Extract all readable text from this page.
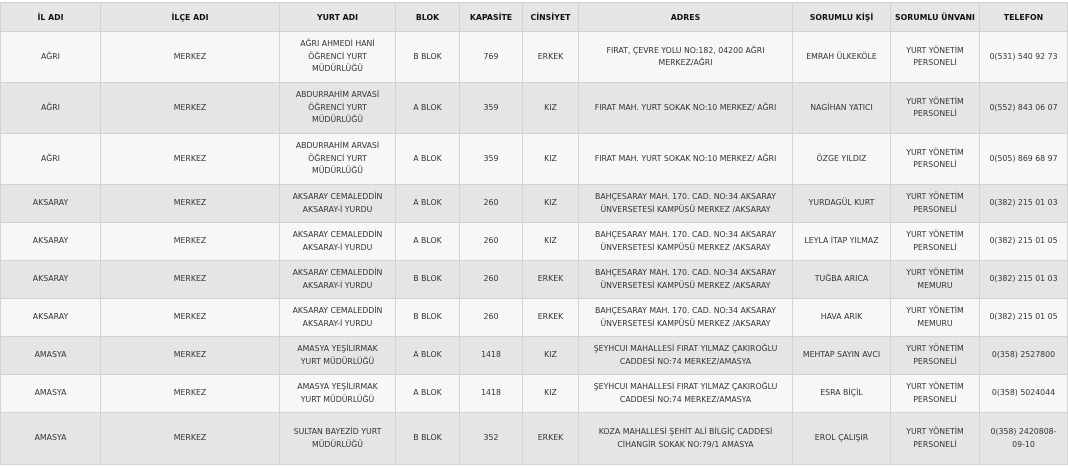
İL ADI	İLÇE ADI	YURT ADI	BLOK	KAPASİTE	CİNSİYET	ADRES	SORUMLU KİŞİ	SORUMLU ÜNVANI	TELEFON
AĞRI	MERKEZ	AĞRI AHMEDİ HANİ ÖĞRENCİ YURT MÜDÜRLÜĞÜ	B BLOK	769	ERKEK	FIRAT, ÇEVRE YOLU NO:182, 04200 AĞRI MERKEZ/AĞRI	EMRAH ÜLKEKÖLE	YURT YÖNETİM PERSONELİ	0(531) 540 92 73
AĞRI	MERKEZ	ABDURRAHİM ARVASİ ÖĞRENCİ YURT MÜDÜRLÜĞÜ	A BLOK	359	KIZ	FIRAT MAH. YURT SOKAK NO:10 MERKEZ/ AĞRI	NAGİHAN YATICI	YURT YÖNETİM PERSONELİ	0(552) 843 06 07
AĞRI	MERKEZ	ABDURRAHİM ARVASİ ÖĞRENCİ YURT MÜDÜRLÜĞÜ	A BLOK	359	KIZ	FIRAT MAH. YURT SOKAK NO:10 MERKEZ/ AĞRI	ÖZGE YILDIZ	YURT YÖNETİM PERSONELİ	0(505) 869 68 97
AKSARAY	MERKEZ	AKSARAY CEMALEDDİN AKSARAY-İ YURDU	A BLOK	260	KIZ	BAHÇESARAY MAH. 170. CAD. NO:34 AKSARAY ÜNVERSETESİ KAMPÜSÜ MERKEZ /AKSARAY	YURDAGÜL KURT	YURT YÖNETİM PERSONELİ	0(382) 215 01 03
AKSARAY	MERKEZ	AKSARAY CEMALEDDİN AKSARAY-İ YURDU	A BLOK	260	KIZ	BAHÇESARAY MAH. 170. CAD. NO:34 AKSARAY ÜNVERSETESİ KAMPÜSÜ MERKEZ /AKSARAY	LEYLA İTAP YILMAZ	YURT YÖNETİM PERSONELİ	0(382) 215 01 05
AKSARAY	MERKEZ	AKSARAY CEMALEDDİN AKSARAY-İ YURDU	B BLOK	260	ERKEK	BAHÇESARAY MAH. 170. CAD. NO:34 AKSARAY ÜNVERSETESİ KAMPÜSÜ MERKEZ /AKSARAY	TUĞBA ARICA	YURT YÖNETİM MEMURU	0(382) 215 01 03
AKSARAY	MERKEZ	AKSARAY CEMALEDDİN AKSARAY-İ YURDU	B BLOK	260	ERKEK	BAHÇESARAY MAH. 170. CAD. NO:34 AKSARAY ÜNVERSETESİ KAMPÜSÜ MERKEZ /AKSARAY	HAVA ARIK	YURT YÖNETİM MEMURU	0(382) 215 01 05
AMASYA	MERKEZ	AMASYA YEŞİLIRMAK YURT MÜDÜRLÜĞÜ	A BLOK	1418	KIZ	ŞEYHCUI MAHALLESİ FIRAT YILMAZ ÇAKIROĞLU CADDESİ NO:74 MERKEZ/AMASYA	MEHTAP SAYIN AVCI	YURT YÖNETİM PERSONELİ	0(358) 2527800
AMASYA	MERKEZ	AMASYA YEŞİLIRMAK YURT MÜDÜRLÜĞÜ	A BLOK	1418	KIZ	ŞEYHCUI MAHALLESİ FIRAT YILMAZ ÇAKIROĞLU CADDESİ NO:74 MERKEZ/AMASYA	ESRA BİÇİL	YURT YÖNETİM PERSONELİ	0(358) 5024044
AMASYA	MERKEZ	SULTAN BAYEZİD YURT MÜDÜRLÜĞÜ	B BLOK	352	ERKEK	KOZA MAHALLESİ ŞEHİT ALİ BİLGİÇ CADDESİ CİHANGİR SOKAK NO:79/1 AMASYA	EROL ÇALIŞIR	YURT YÖNETİM PERSONELİ	0(358) 2420808-09-10
